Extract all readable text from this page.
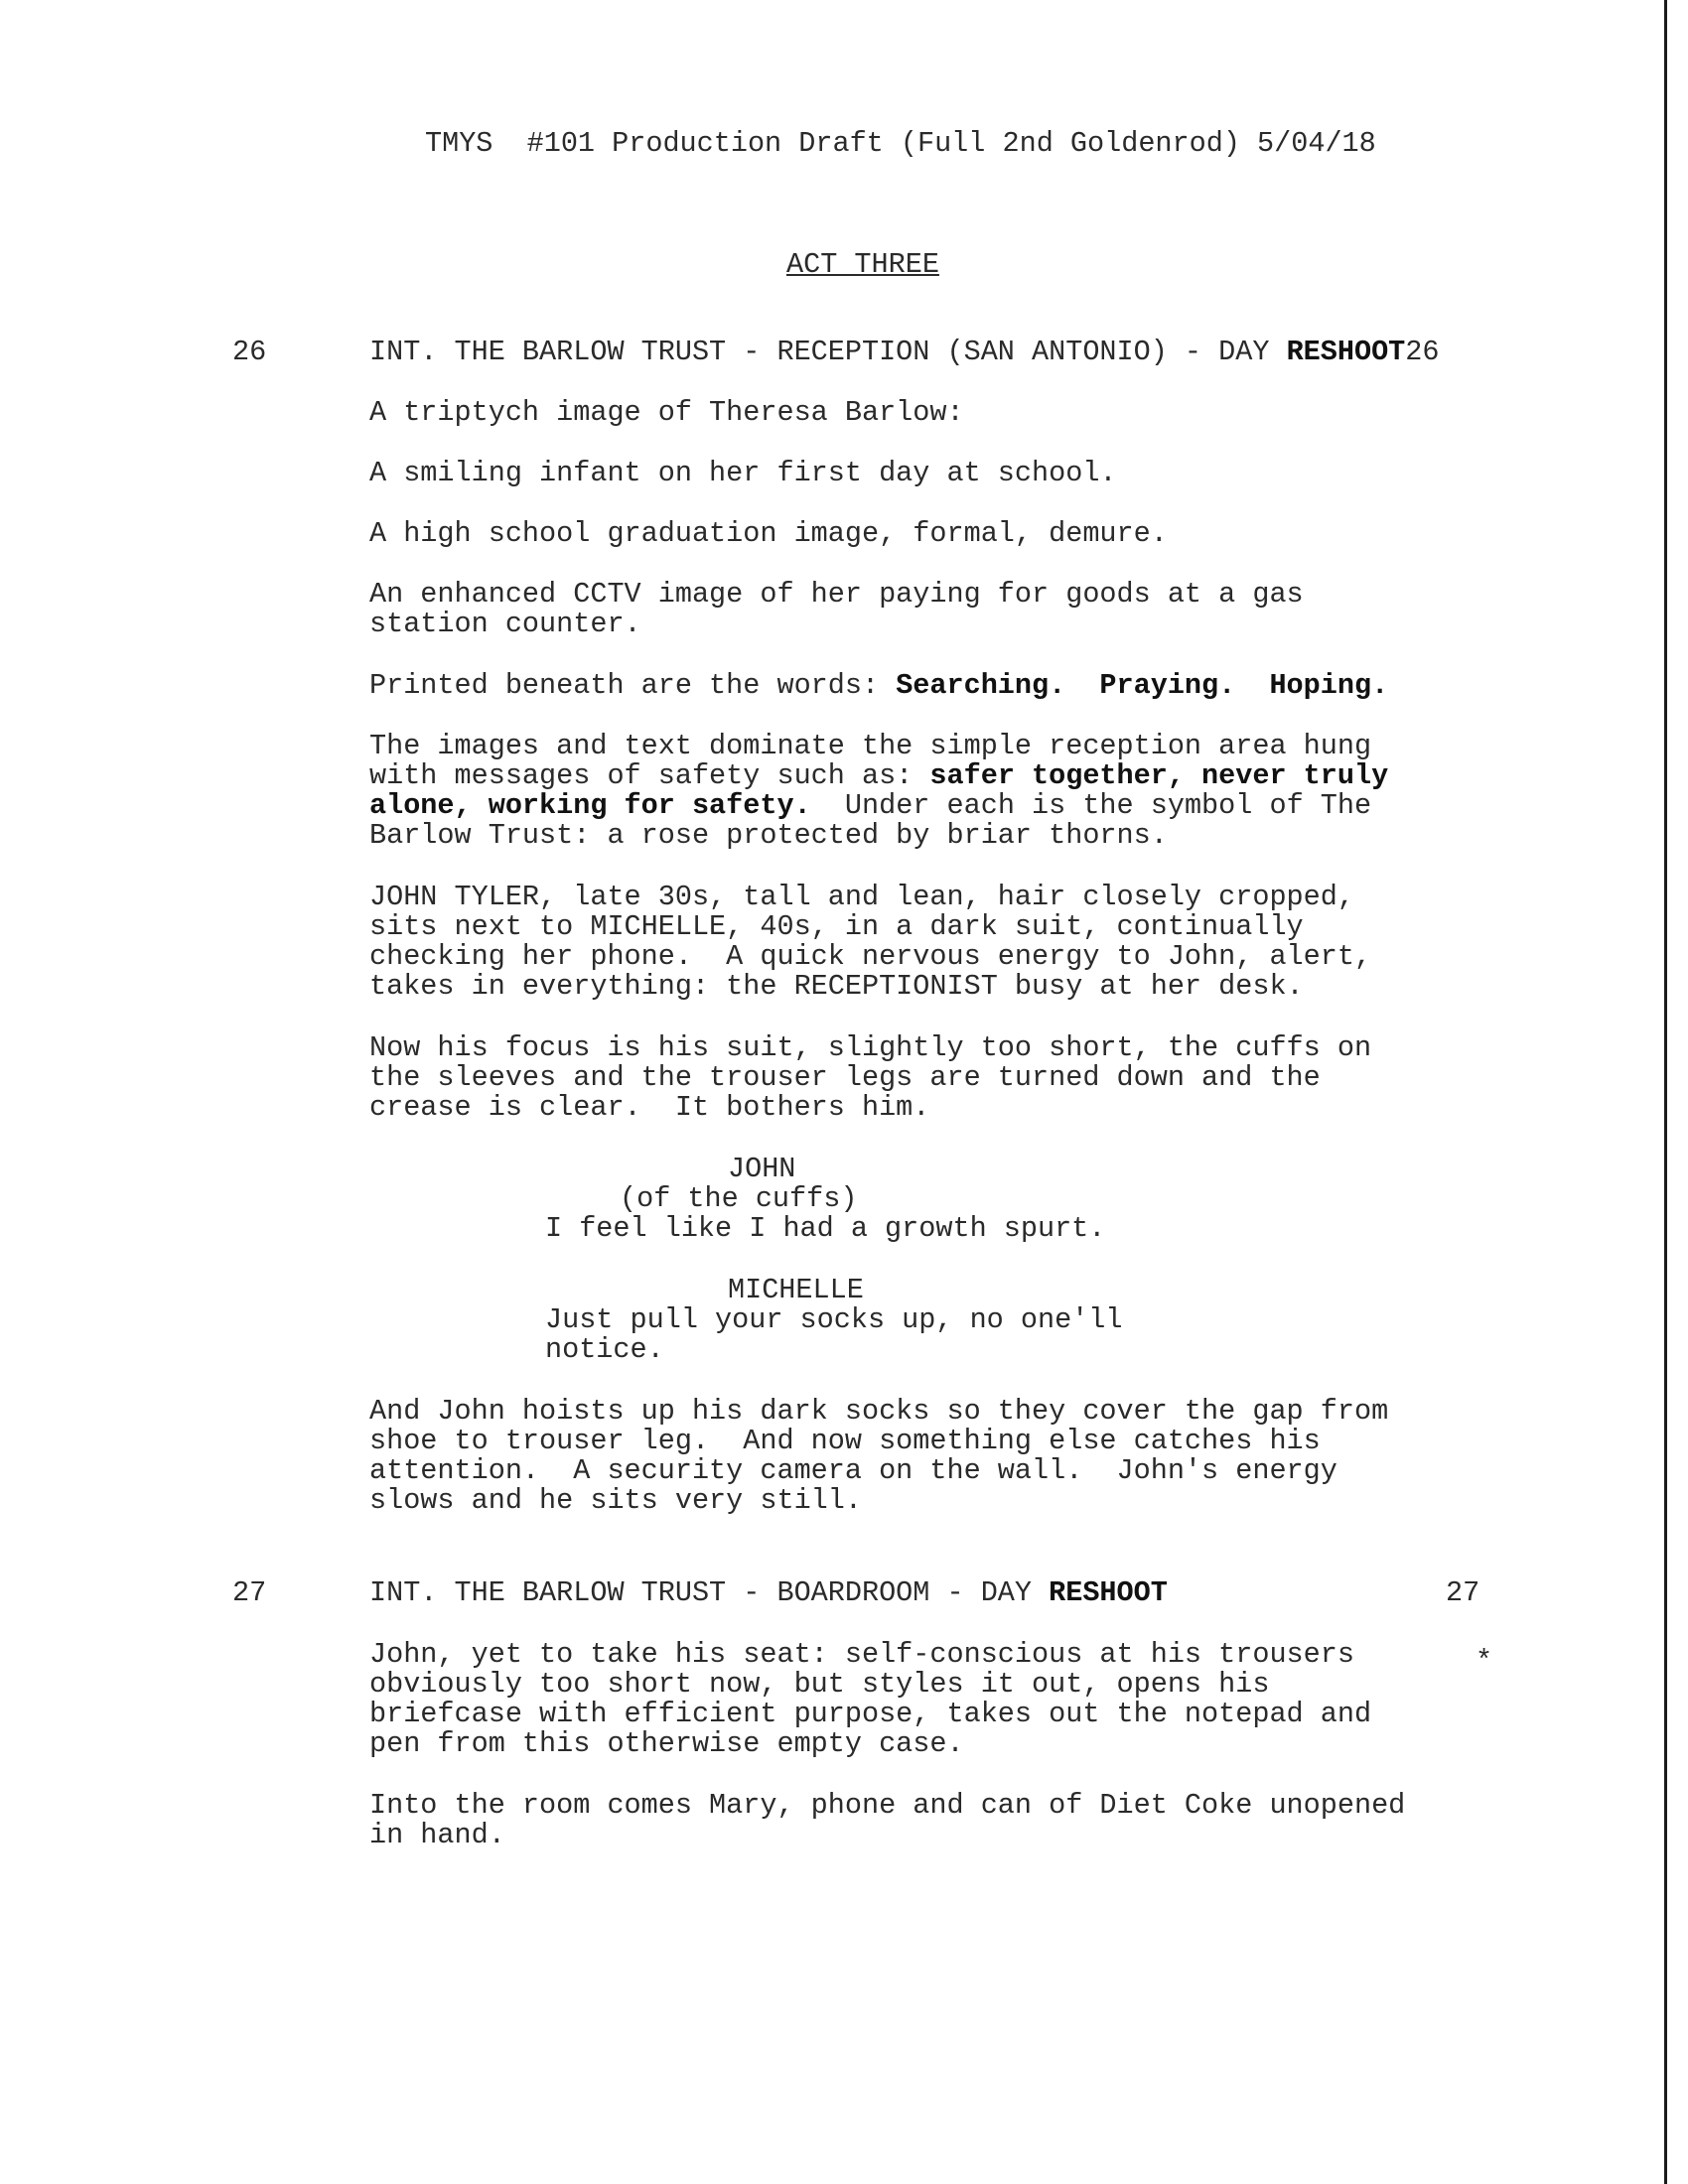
TMYS  #101 Production Draft (Full 2nd Goldenrod) 5/04/18
ACT THREE
26	INT. THE BARLOW TRUST - RECEPTION (SAN ANTONIO) - DAY RESHOOT26
A triptych image of Theresa Barlow:
A smiling infant on her first day at school.
A high school graduation image, formal, demure.
An enhanced CCTV image of her paying for goods at a gas
station counter.
Printed beneath are the words: Searching.  Praying.  Hoping.
The images and text dominate the simple reception area hung
with messages of safety such as: safer together, never truly
alone, working for safety.  Under each is the symbol of The
Barlow Trust: a rose protected by briar thorns.
JOHN TYLER, late 30s, tall and lean, hair closely cropped,
sits next to MICHELLE, 40s, in a dark suit, continually
checking her phone.  A quick nervous energy to John, alert,
takes in everything: the RECEPTIONIST busy at her desk.
Now his focus is his suit, slightly too short, the cuffs on
the sleeves and the trouser legs are turned down and the
crease is clear.  It bothers him.
JOHN
(of the cuffs)
I feel like I had a growth spurt.
MICHELLE
Just pull your socks up, no one'll
notice.
And John hoists up his dark socks so they cover the gap from
shoe to trouser leg.  And now something else catches his
attention.  A security camera on the wall.  John's energy
slows and he sits very still.
27	INT. THE BARLOW TRUST - BOARDROOM - DAY RESHOOT	27
*
John, yet to take his seat: self-conscious at his trousers
obviously too short now, but styles it out, opens his
briefcase with efficient purpose, takes out the notepad and
pen from this otherwise empty case.
Into the room comes Mary, phone and can of Diet Coke unopened
in hand.
